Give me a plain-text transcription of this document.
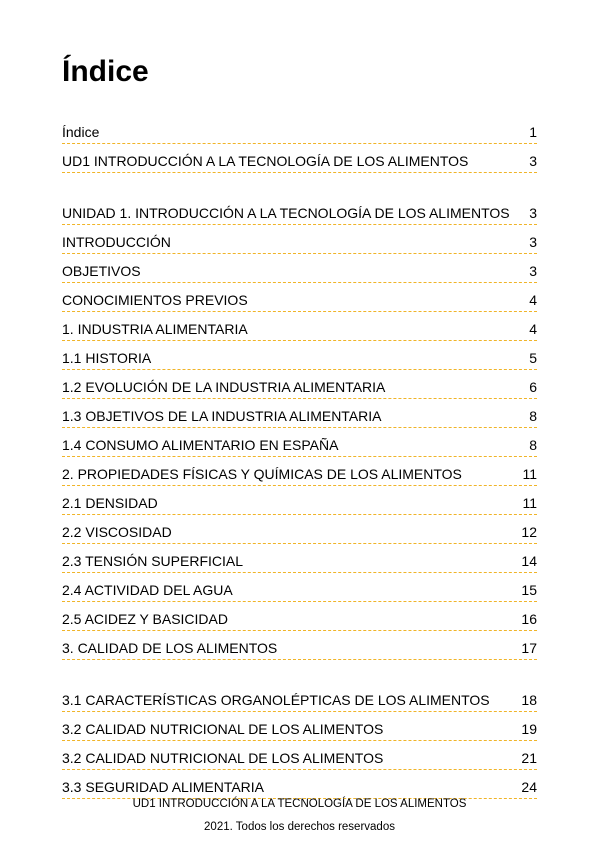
Índice
Índice	1
UD1 INTRODUCCIÓN A LA TECNOLOGÍA DE LOS ALIMENTOS	3
UNIDAD 1. INTRODUCCIÓN A LA TECNOLOGÍA DE LOS ALIMENTOS	3
INTRODUCCIÓN	3
OBJETIVOS	3
CONOCIMIENTOS PREVIOS	4
1. INDUSTRIA ALIMENTARIA	4
1.1 HISTORIA	5
1.2 EVOLUCIÓN DE LA INDUSTRIA ALIMENTARIA	6
1.3 OBJETIVOS DE LA INDUSTRIA ALIMENTARIA	8
1.4 CONSUMO ALIMENTARIO EN ESPAÑA	8
2. PROPIEDADES FÍSICAS Y QUÍMICAS DE LOS ALIMENTOS	11
2.1 DENSIDAD	11
2.2 VISCOSIDAD	12
2.3 TENSIÓN SUPERFICIAL	14
2.4 ACTIVIDAD DEL AGUA	15
2.5 ACIDEZ Y BASICIDAD	16
3. CALIDAD DE LOS ALIMENTOS	17
3.1 CARACTERÍSTICAS ORGANOLÉPTICAS DE LOS ALIMENTOS	18
3.2 CALIDAD NUTRICIONAL DE LOS ALIMENTOS	19
3.2 CALIDAD NUTRICIONAL DE LOS ALIMENTOS	21
3.3 SEGURIDAD ALIMENTARIA	24
UD1 INTRODUCCIÓN A LA TECNOLOGÍA DE LOS ALIMENTOS
2021. Todos los derechos reservados
